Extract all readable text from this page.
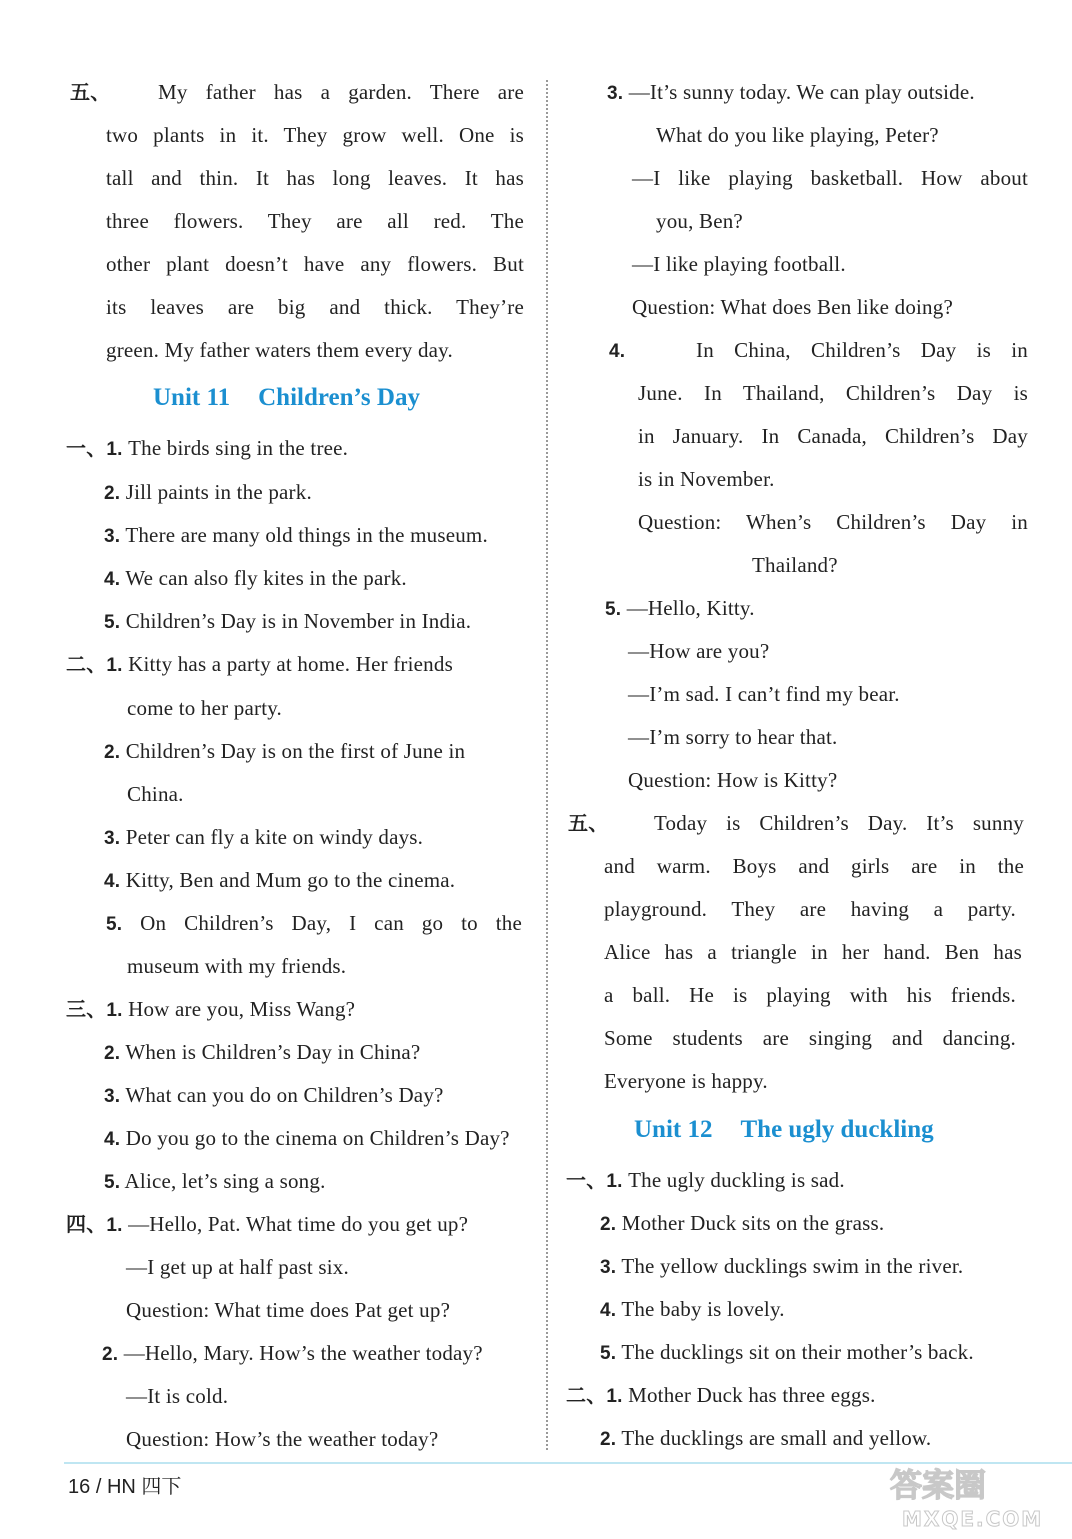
五、 My father has a garden. There are
two plants in it. They grow well. One is
tall and thin. It has long leaves. It has
three flowers. They are all red. The
other plant doesn’t have any flowers. But
its leaves are big and thick. They’re
green. My father waters them every day.
Unit 11 Children’s Day
一、1. The birds sing in the tree.
2. Jill paints in the park.
3. There are many old things in the museum.
4. We can also fly kites in the park.
5. Children’s Day is in November in India.
二、1. Kitty has a party at home. Her friends
come to her party.
2. Children’s Day is on the first of June in
China.
3. Peter can fly a kite on windy days.
4. Kitty, Ben and Mum go to the cinema.
5. On Children’s Day, I can go to the
museum with my friends.
三、1. How are you, Miss Wang?
2. When is Children’s Day in China?
3. What can you do on Children’s Day?
4. Do you go to the cinema on Children’s Day?
5. Alice, let’s sing a song.
四、1. —Hello, Pat. What time do you get up?
—I get up at half past six.
Question: What time does Pat get up?
2. —Hello, Mary. How’s the weather today?
—It is cold.
Question: How’s the weather today?
3. —It’s sunny today. We can play outside.
What do you like playing, Peter?
—I like playing basketball. How about
you, Ben?
—I like playing football.
Question: What does Ben like doing?
4.	In China, Children’s Day is in
June. In Thailand, Children’s Day is
in January. In Canada, Children’s Day
is in November.
Question: When’s Children’s Day in
Thailand?
5. —Hello, Kitty.
—How are you?
—I’m sad. I can’t find my bear.
—I’m sorry to hear that.
Question: How is Kitty?
五、 Today is Children’s Day. It’s sunny
and warm. Boys and girls are in the
playground. They are having a party.
Alice has a triangle in her hand. Ben has
a ball. He is playing with his friends.
Some students are singing and dancing.
Everyone is happy.
Unit 12 The ugly duckling
一、1. The ugly duckling is sad.
2. Mother Duck sits on the grass.
3. The yellow ducklings swim in the river.
4. The baby is lovely.
5. The ducklings sit on their mother’s back.
二、1. Mother Duck has three eggs.
2. The ducklings are small and yellow.
16 / HN 四下	答案圈
MXQE.COM
